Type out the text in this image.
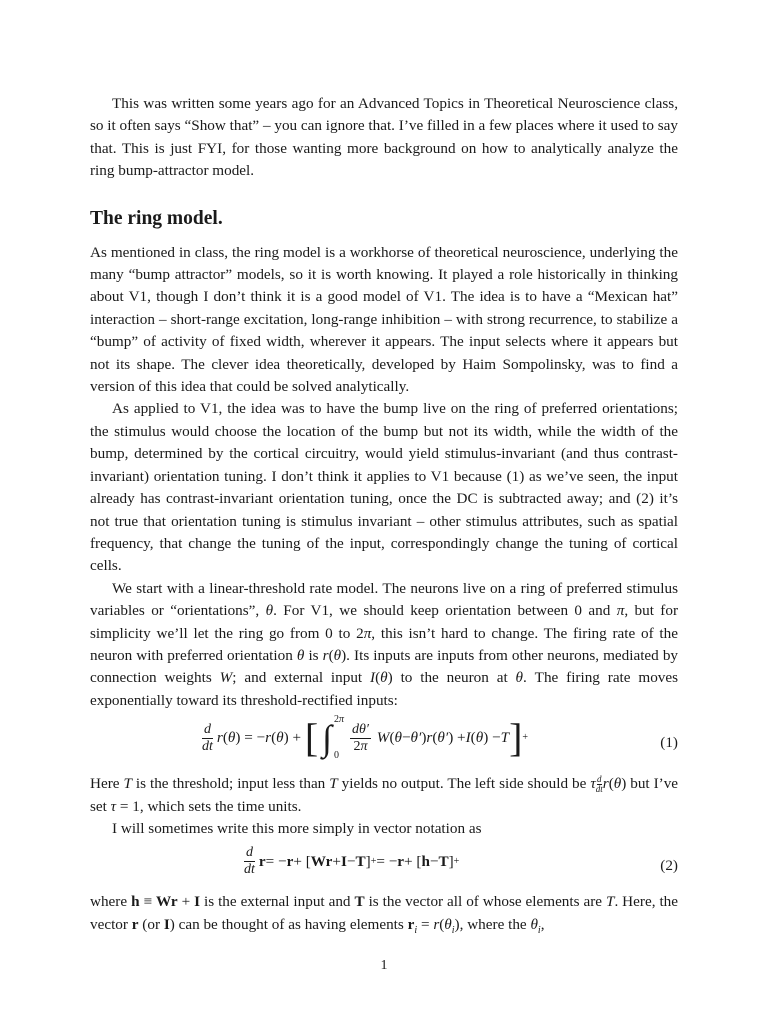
This was written some years ago for an Advanced Topics in Theoretical Neuroscience class, so it often says “Show that” – you can ignore that. I’ve filled in a few places where it used to say that. This is just FYI, for those wanting more background on how to analytically analyze the ring bump-attractor model.

The ring model.

As mentioned in class, the ring model is a workhorse of theoretical neuroscience, underlying the many “bump attractor” models, so it is worth knowing. It played a role historically in thinking about V1, though I don’t think it is a good model of V1. The idea is to have a “Mexican hat” interaction – short-range excitation, long-range inhibition – with strong recurrence, to stabilize a “bump” of activity of fixed width, wherever it appears. The input selects where it appears but not its shape. The clever idea theoretically, developed by Haim Sompolinsky, was to find a version of this idea that could be solved analytically.

As applied to V1, the idea was to have the bump live on the ring of preferred orientations; the stimulus would choose the location of the bump but not its width, while the width of the bump, determined by the cortical circuitry, would yield stimulus-invariant (and thus contrast-invariant) orientation tuning. I don’t think it applies to V1 because (1) as we’ve seen, the input already has contrast-invariant orientation tuning, once the DC is subtracted away; and (2) it’s not true that orientation tuning is stimulus invariant – other stimulus attributes, such as spatial frequency, that change the tuning of the input, correspondingly change the tuning of cortical cells.

We start with a linear-threshold rate model. The neurons live on a ring of preferred stimulus variables or “orientations”, θ. For V1, we should keep orientation between 0 and π, but for simplicity we’ll let the ring go from 0 to 2π, this isn’t hard to change. The firing rate of the neuron with preferred orientation θ is r(θ). Its inputs are inputs from other neurons, mediated by connection weights W; and external input I(θ) to the neuron at θ. The firing rate moves exponentially toward its threshold-rectified inputs:

$\frac{d}{dt}$ r ( θ ) = − r ( θ ) + [ ∫ 2π
0
$\frac{d\theta'}{2\pi}$
W ( θ − θ′ ) r ( θ′ ) + I ( θ ) − T ] +	(1)

Here T is the threshold; input less than T yields no output. The left side should be τ $\frac{d}{dt} r(\theta)$ but I’ve set τ = 1, which sets the time units.

I will sometimes write this more simply in vector notation as

$\frac{d}{dt}$ r = − r + [ Wr + I − T ] + = − r + [ h − T ] +	(2)

where h ≡ Wr + I is the external input and T is the vector all of whose elements are T. Here, the vector r (or I) can be thought of as having elements $r_i = r(\theta_i)$, where the $\theta_i$,

1
